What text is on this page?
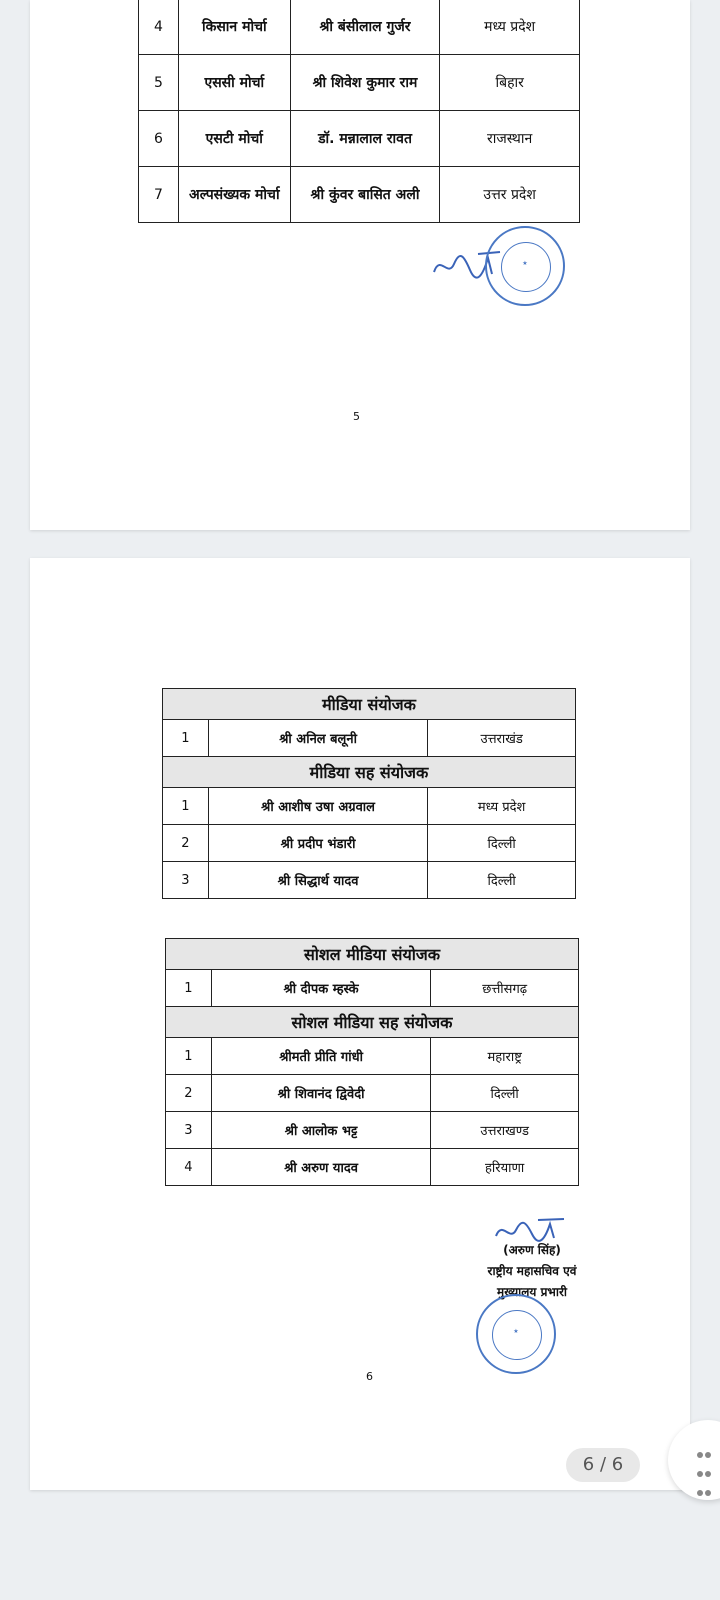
4	किसान मोर्चा	श्री बंसीलाल गुर्जर	मध्य प्रदेश
5	एससी मोर्चा	श्री शिवेश कुमार राम	बिहार
6	एसटी मोर्चा	डॉ. मन्नालाल रावत	राजस्थान
7	अल्पसंख्यक मोर्चा	श्री कुंवर बासित अली	उत्तर प्रदेश
★
5
मीडिया संयोजक		
1	श्री अनिल बलूनी	उत्तराखंड
मीडिया सह संयोजक		
1	श्री आशीष उषा अग्रवाल	मध्य प्रदेश
2	श्री प्रदीप भंडारी	दिल्ली
3	श्री सिद्धार्थ यादव	दिल्ली
सोशल मीडिया संयोजक		
1	श्री दीपक म्हस्के	छत्तीसगढ़
सोशल मीडिया सह संयोजक		
1	श्रीमती प्रीति गांधी	महाराष्ट्र
2	श्री शिवानंद द्विवेदी	दिल्ली
3	श्री आलोक भट्ट	उत्तराखण्ड
4	श्री अरुण यादव	हरियाणा
(अरुण सिंह)
राष्ट्रीय महासचिव एवं
मुख्यालय प्रभारी
★
6
6 / 6
